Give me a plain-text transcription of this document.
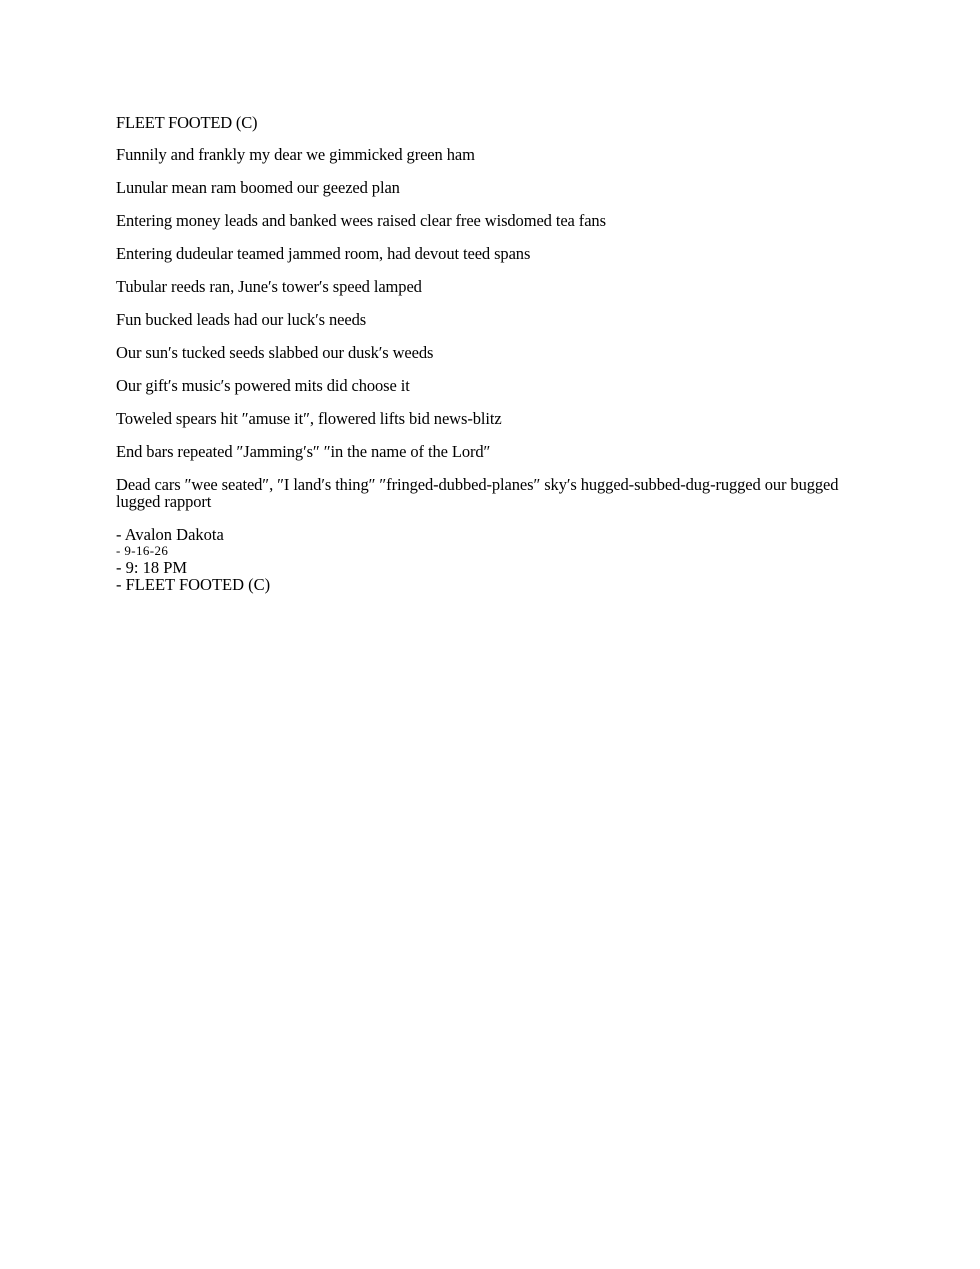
FLEET FOOTED (C)
Funnily and frankly my dear we gimmicked green ham
Lunular mean ram boomed our geezed plan
Entering money leads and banked wees raised clear free wisdomed tea fans
Entering dudeular teamed jammed room, had devout teed spans
Tubular reeds ran, June′s tower′s speed lamped
Fun bucked leads had our luck′s needs
Our sun′s tucked seeds slabbed our dusk′s weeds
Our gift′s music′s powered mits did choose it
Toweled spears hit ″amuse it″, flowered lifts bid news-blitz
End bars repeated ″Jamming′s″ ″in the name of the Lord″
Dead cars ″wee seated″, ″I land′s thing″ ″fringed-dubbed-planes″ sky′s hugged-subbed-dug-rugged our bugged lugged rapport
- Avalon Dakota
- 9-16-26
- 9: 18 PM
- FLEET FOOTED (C)
